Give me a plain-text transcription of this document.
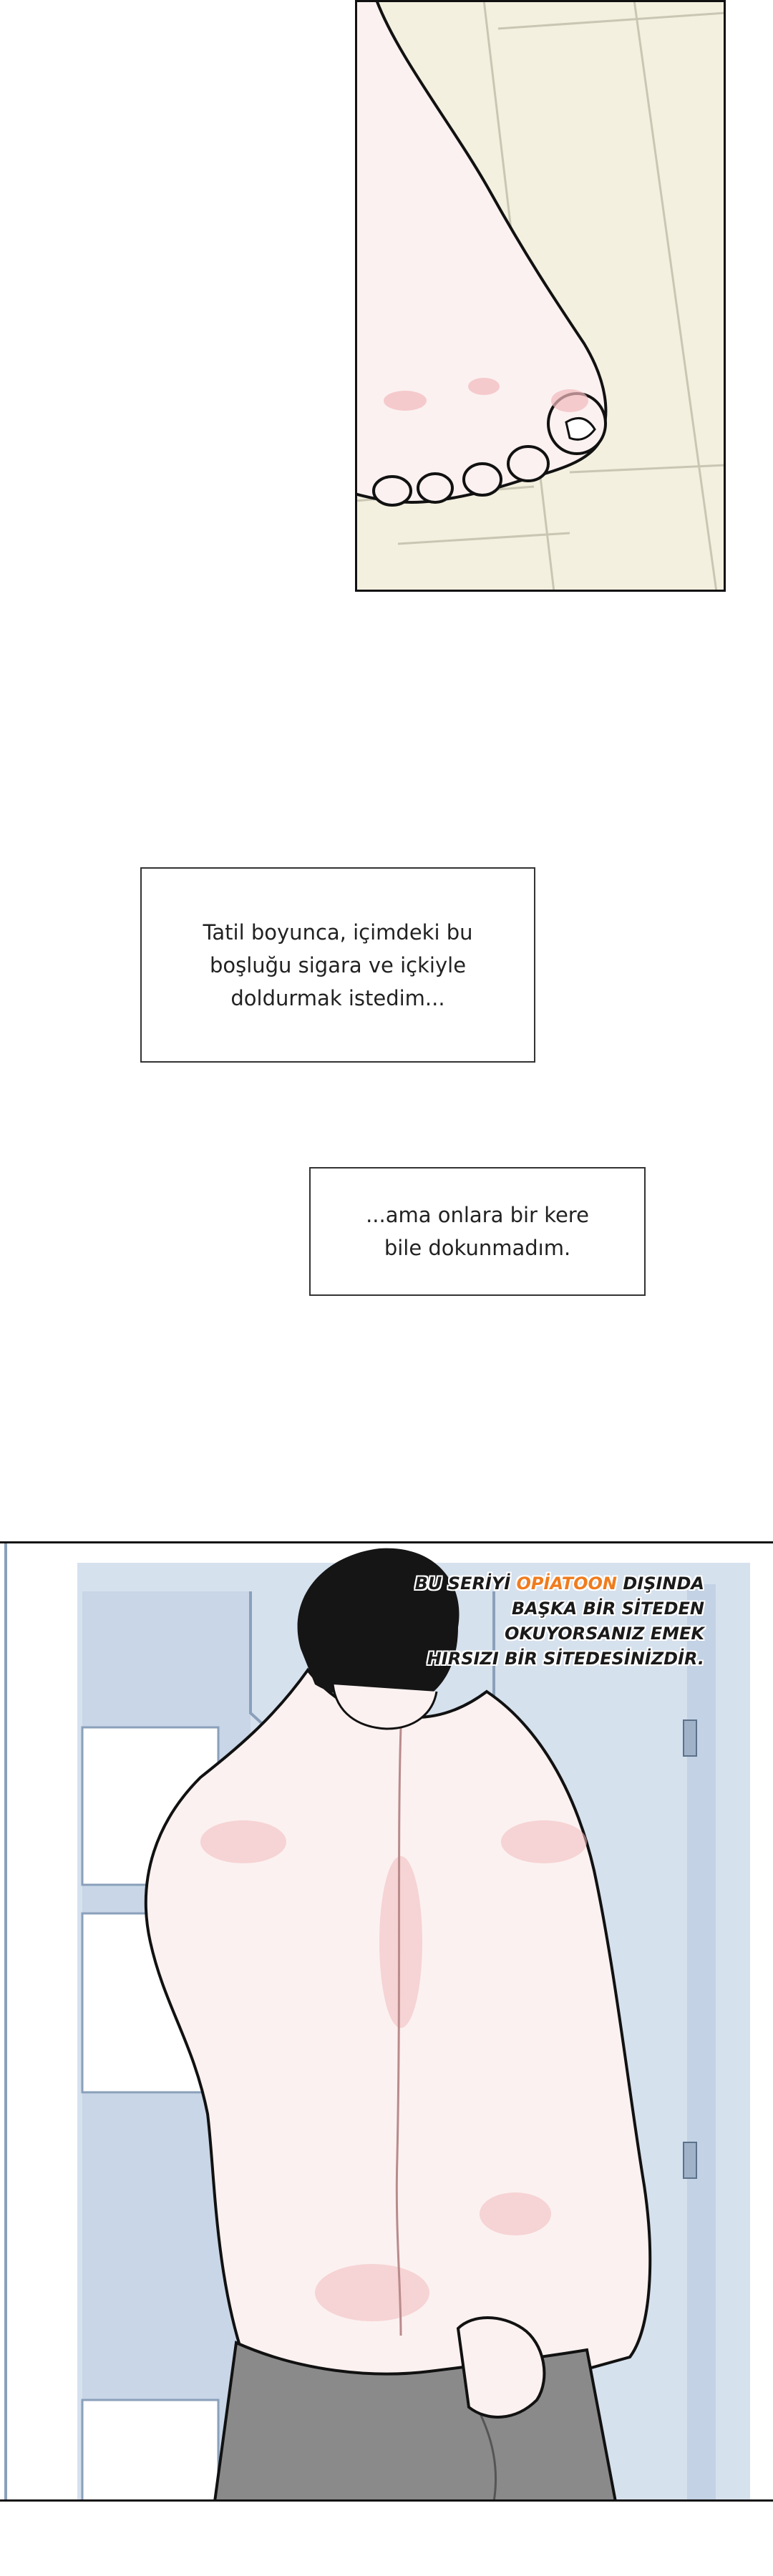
Tatil boyunca, içimdeki bu
boşluğu sigara ve içkiyle
doldurmak istedim...
...ama onlara bir kere
bile dokunmadım.
BU SERİYİ OPİATOON DIŞINDA
BAŞKA BİR SİTEDEN OKUYORSANIZ EMEK
HIRSIZI BİR SİTEDESİNİZDİR.
